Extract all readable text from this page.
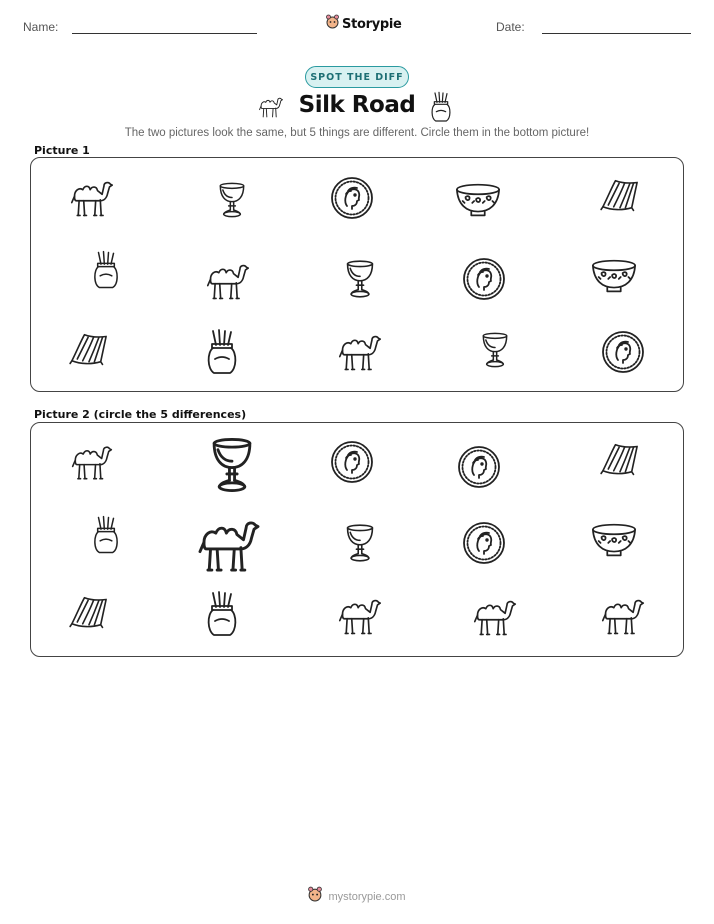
Name:	Storypie	Date:
SPOT THE DIFF
Silk Road
The two pictures look the same, but 5 things are different. Circle them in the bottom picture!
Picture 1
Picture 2 (circle the 5 differences)
mystorypie.com
